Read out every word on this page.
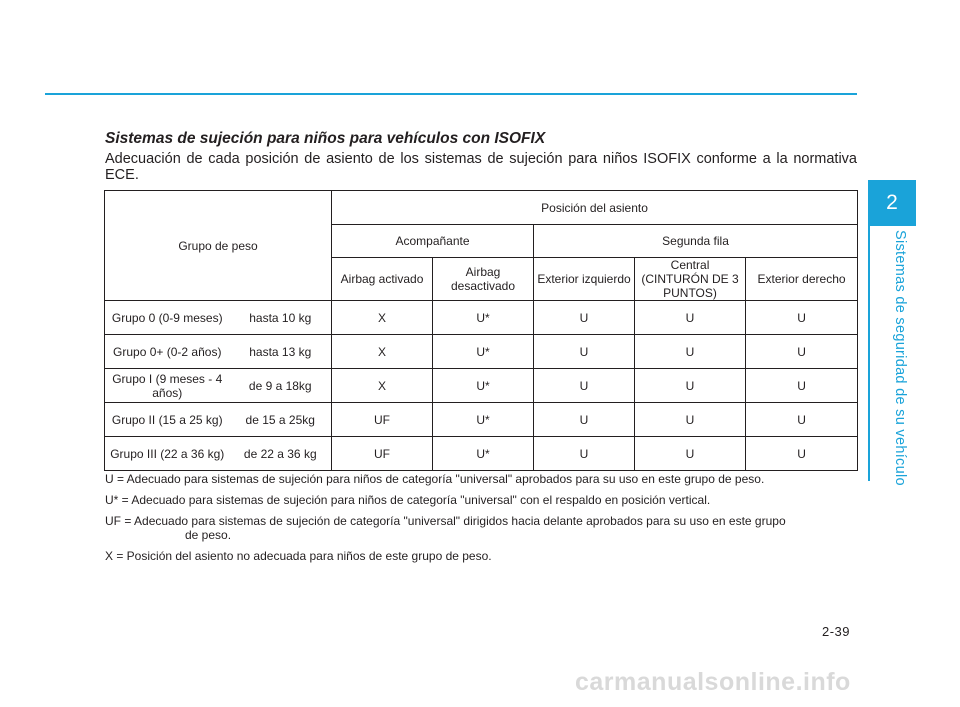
2
Sistemas de seguridad de su vehículo
Sistemas de sujeción para niños para vehículos con ISOFIX
Adecuación de cada posición de asiento de los sistemas de sujeción para niños ISOFIX conforme a la normativa ECE.
Grupo de peso		Posición del asiento				
		Acompañante		Segunda fila		
		Airbag activado	Airbag desactivado	Exterior izquierdo	Central (CINTURÓN DE 3 PUNTOS)	Exterior derecho
Grupo 0 (0-9 meses)	hasta 10 kg	X	U*	U	U	U
Grupo 0+ (0-2 años)	hasta 13 kg	X	U*	U	U	U
Grupo I (9 meses - 4 años)	de 9 a 18kg	X	U*	U	U	U
Grupo II (15 a 25 kg)	de 15 a 25kg	UF	U*	U	U	U
Grupo III (22 a 36 kg)	de 22 a 36 kg	UF	U*	U	U	U

U = Adecuado para sistemas de sujeción para niños de categoría "universal" aprobados para su uso en este grupo de peso.

U* = Adecuado para sistemas de sujeción para niños de categoría "universal" con el respaldo en posición vertical.

UF = Adecuado para sistemas de sujeción de categoría "universal" dirigidos hacia delante aprobados para su uso en este grupo

de peso.

X = Posición del asiento no adecuada para niños de este grupo de peso.

2-39
carmanualsonline.info
